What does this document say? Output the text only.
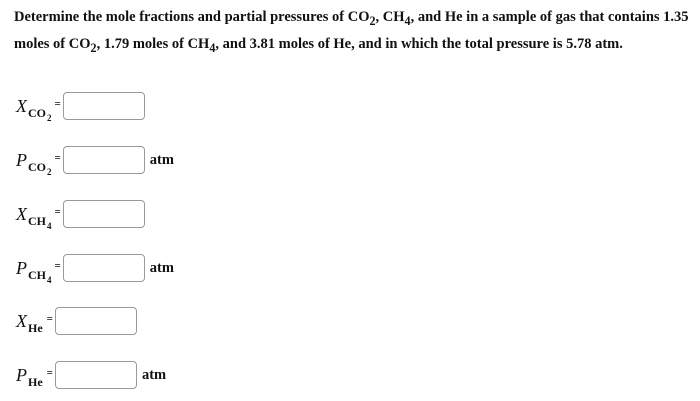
Determine the mole fractions and partial pressures of $CO_2$, $CH_4$, and He in a sample of gas that contains 1.35 moles of $CO_2$, 1.79 moles of $CH_4$, and 3.81 moles of He, and in which the total pressure is 5.78 atm.

X $CO_2$
=
P $CO_2$
=	atm
X $CH_4$
=
P $CH_4$
=	atm
X He
=
P He
=	atm
